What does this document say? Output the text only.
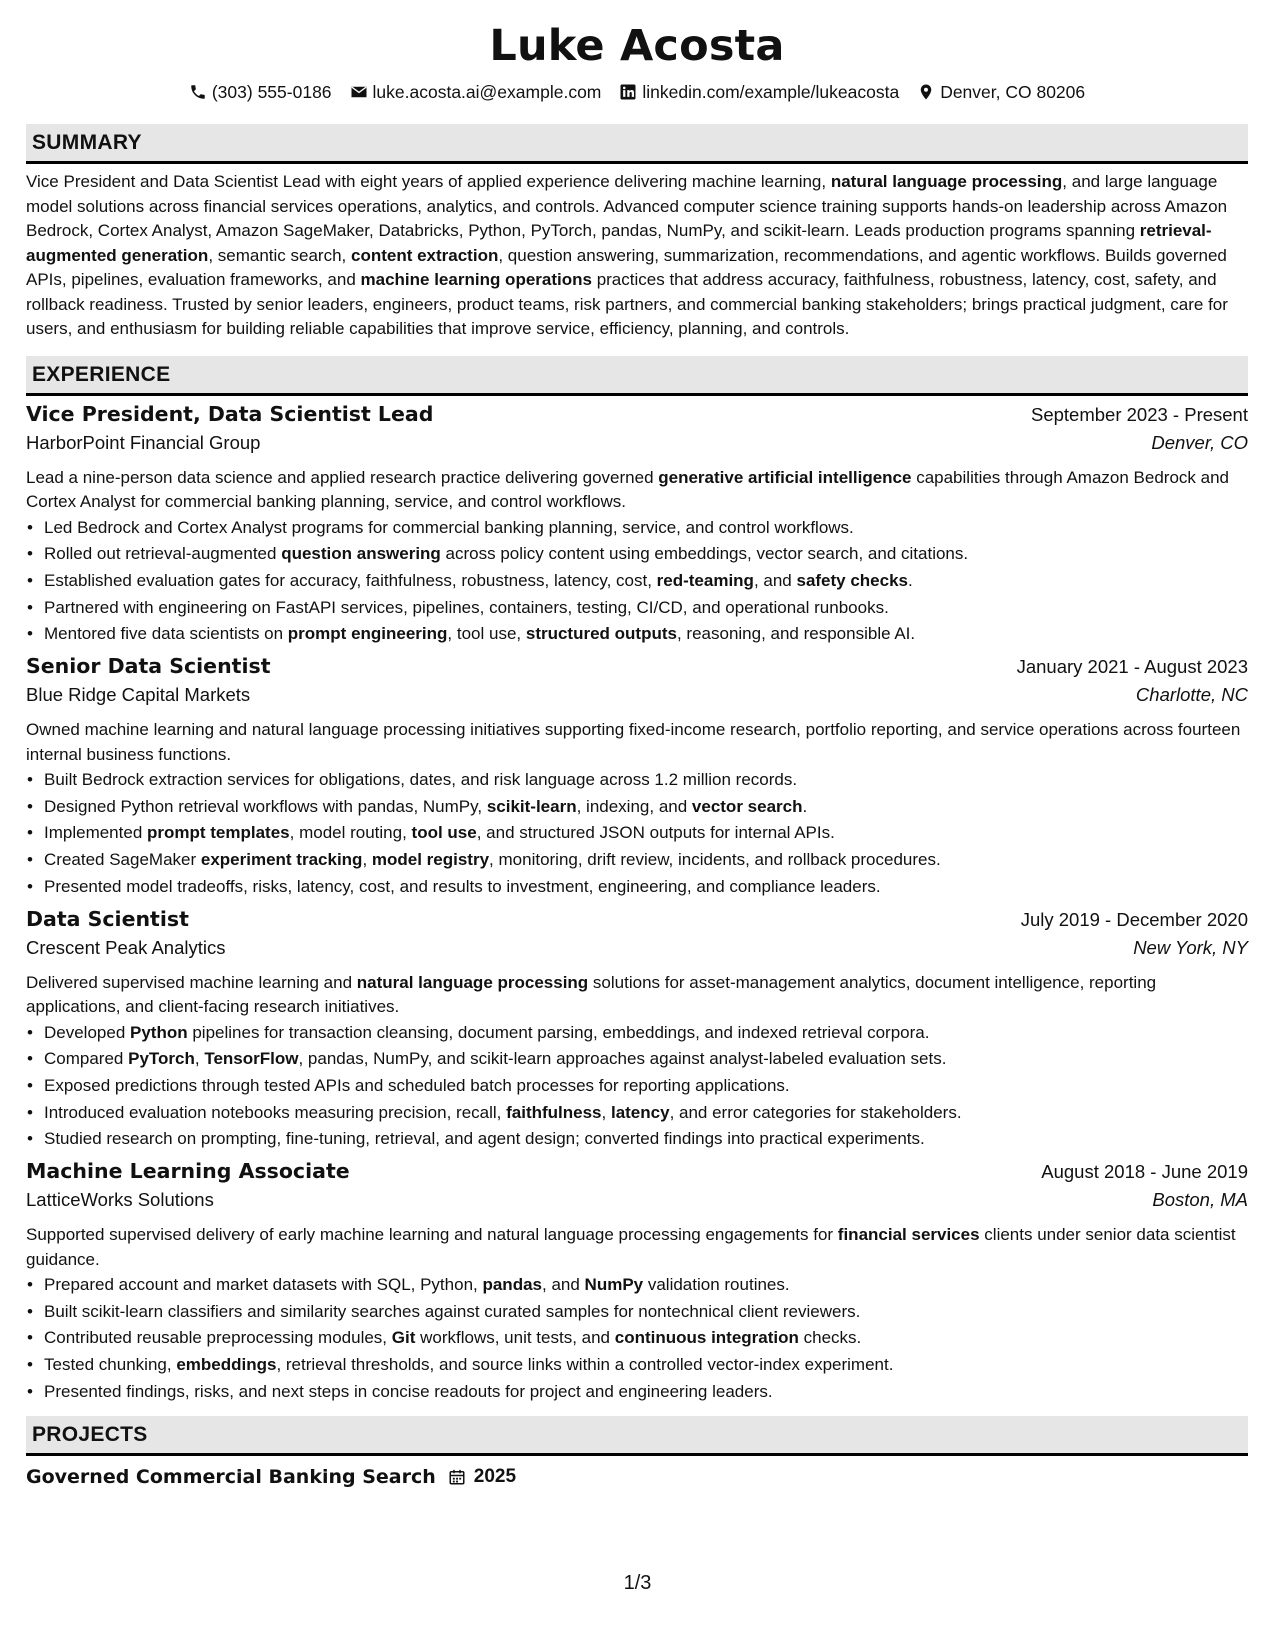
Luke Acosta
(303) 555-0186 luke.acosta.ai@example.com linkedin.com/example/lukeacosta Denver, CO 80206
SUMMARY

Vice President and Data Scientist Lead with eight years of applied experience delivering machine learning, natural language processing, and large language model solutions across financial services operations, analytics, and controls. Advanced computer science training supports hands-on leadership across Amazon Bedrock, Cortex Analyst, Amazon SageMaker, Databricks, Python, PyTorch, pandas, NumPy, and scikit-learn. Leads production programs spanning retrieval-augmented generation, semantic search, content extraction, question answering, summarization, recommendations, and agentic workflows. Builds governed APIs, pipelines, evaluation frameworks, and machine learning operations practices that address accuracy, faithfulness, robustness, latency, cost, safety, and rollback readiness. Trusted by senior leaders, engineers, product teams, risk partners, and commercial banking stakeholders; brings practical judgment, care for users, and enthusiasm for building reliable capabilities that improve service, efficiency, planning, and controls.

EXPERIENCE
Vice President, Data Scientist Lead	September 2023 - Present
HarborPoint Financial Group	Denver, CO

Lead a nine-person data science and applied research practice delivering governed generative artificial intelligence capabilities through Amazon Bedrock and Cortex Analyst for commercial banking planning, service, and control workflows.

• Led Bedrock and Cortex Analyst programs for commercial banking planning, service, and control workflows.
• Rolled out retrieval-augmented question answering across policy content using embeddings, vector search, and citations.
• Established evaluation gates for accuracy, faithfulness, robustness, latency, cost, red-teaming, and safety checks.
• Partnered with engineering on FastAPI services, pipelines, containers, testing, CI/CD, and operational runbooks.
• Mentored five data scientists on prompt engineering, tool use, structured outputs, reasoning, and responsible AI.
Senior Data Scientist	January 2021 - August 2023
Blue Ridge Capital Markets	Charlotte, NC

Owned machine learning and natural language processing initiatives supporting fixed-income research, portfolio reporting, and service operations across fourteen internal business functions.

• Built Bedrock extraction services for obligations, dates, and risk language across 1.2 million records.
• Designed Python retrieval workflows with pandas, NumPy, scikit-learn, indexing, and vector search.
• Implemented prompt templates, model routing, tool use, and structured JSON outputs for internal APIs.
• Created SageMaker experiment tracking, model registry, monitoring, drift review, incidents, and rollback procedures.
• Presented model tradeoffs, risks, latency, cost, and results to investment, engineering, and compliance leaders.
Data Scientist	July 2019 - December 2020
Crescent Peak Analytics	New York, NY

Delivered supervised machine learning and natural language processing solutions for asset-management analytics, document intelligence, reporting applications, and client-facing research initiatives.

• Developed Python pipelines for transaction cleansing, document parsing, embeddings, and indexed retrieval corpora.
• Compared PyTorch, TensorFlow, pandas, NumPy, and scikit-learn approaches against analyst-labeled evaluation sets.
• Exposed predictions through tested APIs and scheduled batch processes for reporting applications.
• Introduced evaluation notebooks measuring precision, recall, faithfulness, latency, and error categories for stakeholders.
• Studied research on prompting, fine-tuning, retrieval, and agent design; converted findings into practical experiments.
Machine Learning Associate	August 2018 - June 2019
LatticeWorks Solutions	Boston, MA

Supported supervised delivery of early machine learning and natural language processing engagements for financial services clients under senior data scientist guidance.

• Prepared account and market datasets with SQL, Python, pandas, and NumPy validation routines.
• Built scikit-learn classifiers and similarity searches against curated samples for nontechnical client reviewers.
• Contributed reusable preprocessing modules, Git workflows, unit tests, and continuous integration checks.
• Tested chunking, embeddings, retrieval thresholds, and source links within a controlled vector-index experiment.
• Presented findings, risks, and next steps in concise readouts for project and engineering leaders.
PROJECTS
Governed Commercial Banking Search 2025
1/3
